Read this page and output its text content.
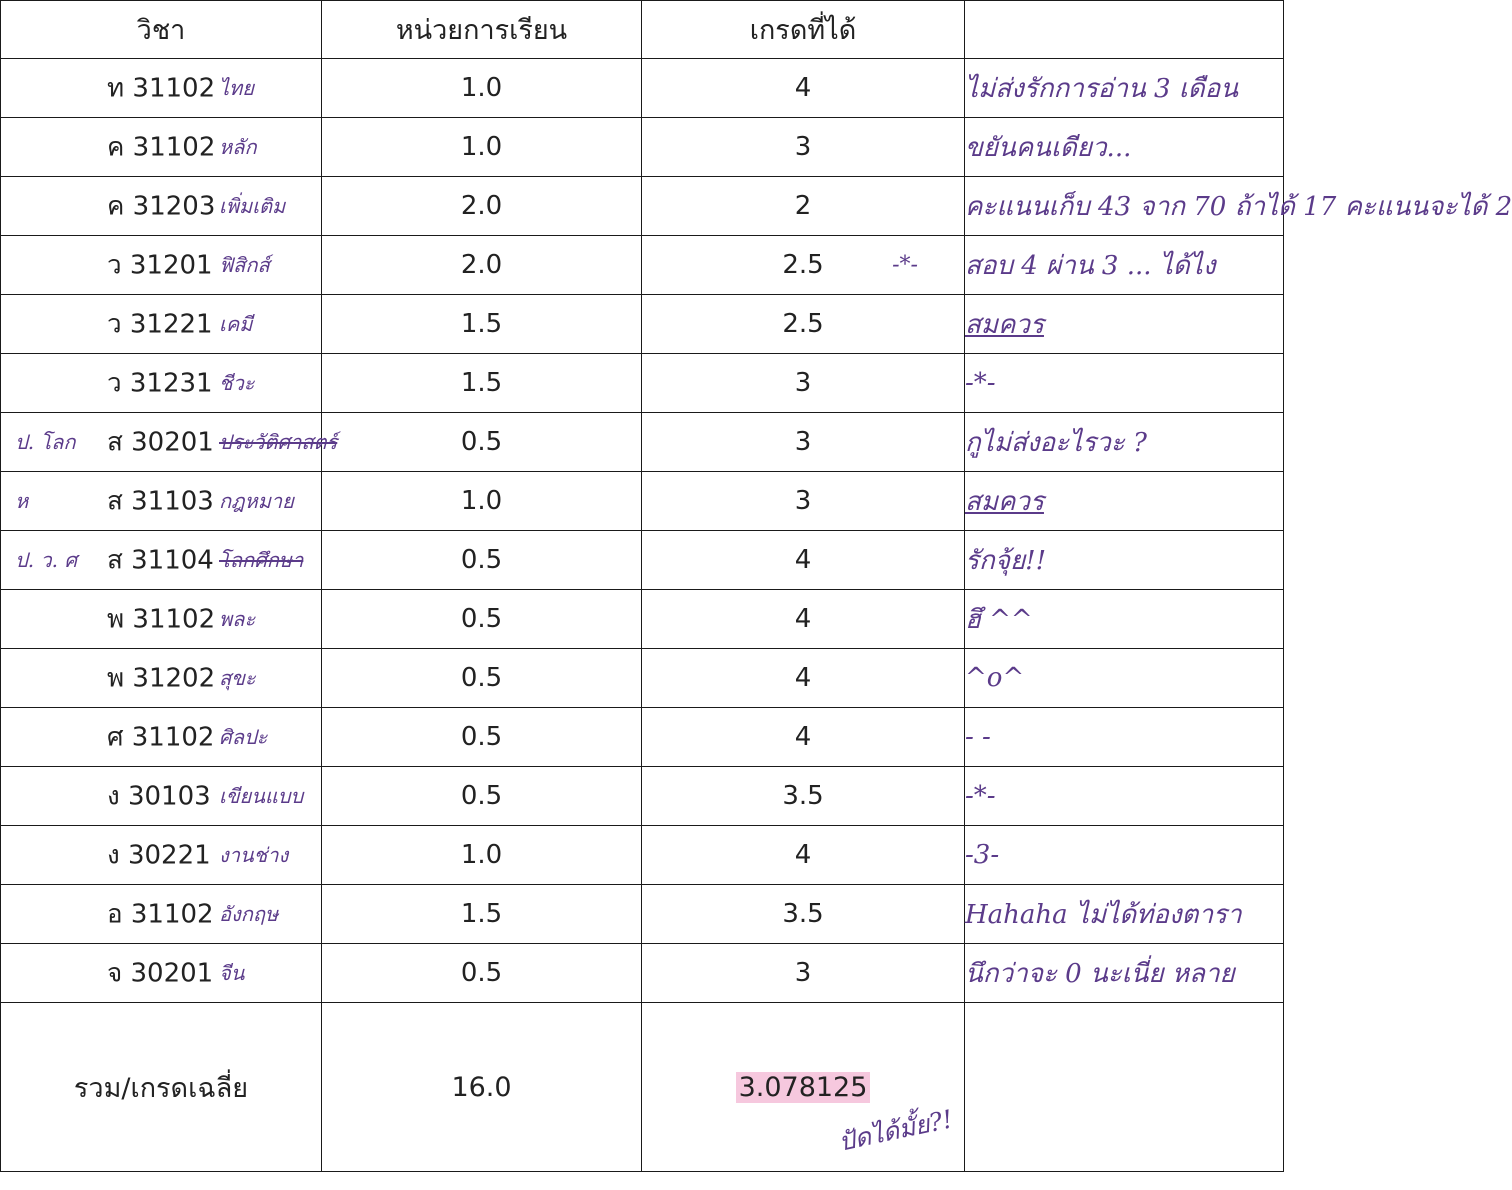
วิชา	หน่วยการเรียน	เกรดที่ได้	

ท 31102 ไทย	1.0	4	ไม่ส่งรักการอ่าน 3 เดือน

ค 31102 หลัก	1.0	3	ขยันคนเดียว...

ค 31203 เพิ่มเติม	2.0	2	คะแนนเก็บ 43 จาก 70 ถ้าได้ 17 คะแนนจะได้ 2

ว 31201 ฟิสิกส์	2.0	2.5 -*-	สอบ 4 ผ่าน 3 ... ได้ไง

ว 31221 เคมี	1.5	2.5	สมควร

ว 31231 ชีวะ	1.5	3	-*-

ป. โลก ส 30201 ประวัติศาสตร์	0.5	3	กูไม่ส่งอะไรวะ ?

ห ส 31103 กฎหมาย	1.0	3	สมควร

ป. ว. ศ ส 31104 โลกศึกษา	0.5	4	รักจุ้ย!!

พ 31102 พละ	0.5	4	ฮึ ^^

พ 31202 สุขะ	0.5	4	^o^

ศ 31102 ศิลปะ	0.5	4	- -

ง 30103 เขียนแบบ	0.5	3.5	-*-

ง 30221 งานช่าง	1.0	4	-3-

อ 31102 อังกฤษ	1.5	3.5	Hahaha ไม่ได้ท่องตารา

จ 30201 จีน	0.5	3	นึกว่าจะ 0 นะเนี่ย หลาย
รวม/เกรดเฉลี่ย	16.0	3.078125
ปัดได้มั้ย?!	
